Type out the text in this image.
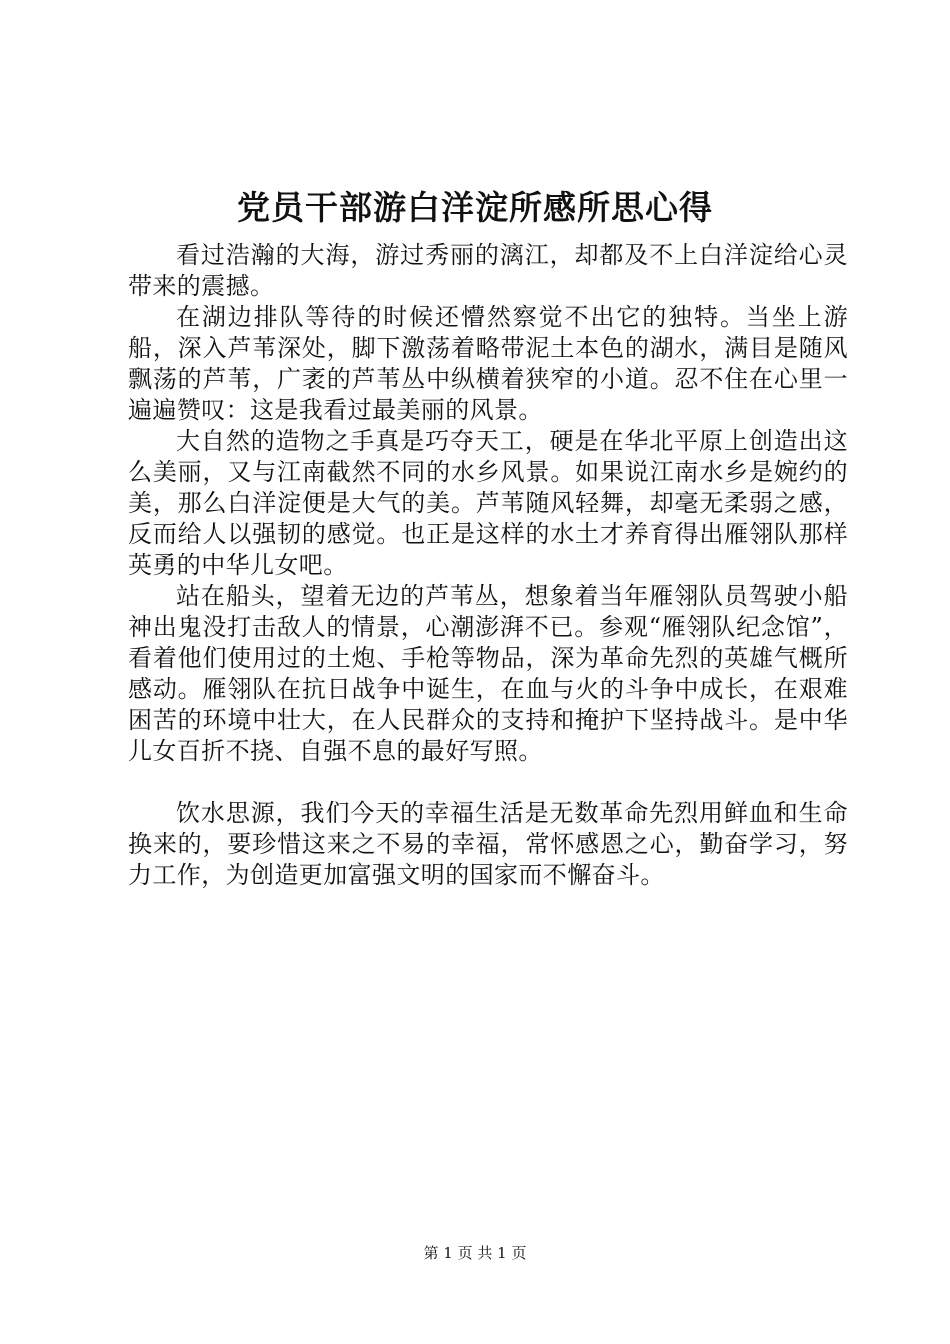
党员干部游白洋淀所感所思心得

看过浩瀚的大海，游过秀丽的漓江，却都及不上白洋淀给心灵带来的震撼。

在湖边排队等待的时候还懵然察觉不出它的独特。当坐上游船，深入芦苇深处，脚下激荡着略带泥土本色的湖水，满目是随风飘荡的芦苇，广袤的芦苇丛中纵横着狭窄的小道。忍不住在心里一遍遍赞叹：这是我看过最美丽的风景。

大自然的造物之手真是巧夺天工，硬是在华北平原上创造出这么美丽，又与江南截然不同的水乡风景。如果说江南水乡是婉约的美，那么白洋淀便是大气的美。芦苇随风轻舞，却毫无柔弱之感，反而给人以强韧的感觉。也正是这样的水土才养育得出雁翎队那样英勇的中华儿女吧。

站在船头，望着无边的芦苇丛，想象着当年雁翎队员驾驶小船神出鬼没打击敌人的情景，心潮澎湃不已。参观“雁翎队纪念馆”，看着他们使用过的土炮、手枪等物品，深为革命先烈的英雄气概所感动。雁翎队在抗日战争中诞生，在血与火的斗争中成长，在艰难困苦的环境中壮大，在人民群众的支持和掩护下坚持战斗。是中华儿女百折不挠、自强不息的最好写照。

饮水思源，我们今天的幸福生活是无数革命先烈用鲜血和生命换来的，要珍惜这来之不易的幸福，常怀感恩之心，勤奋学习，努力工作，为创造更加富强文明的国家而不懈奋斗。

第 1 页 共 1 页
